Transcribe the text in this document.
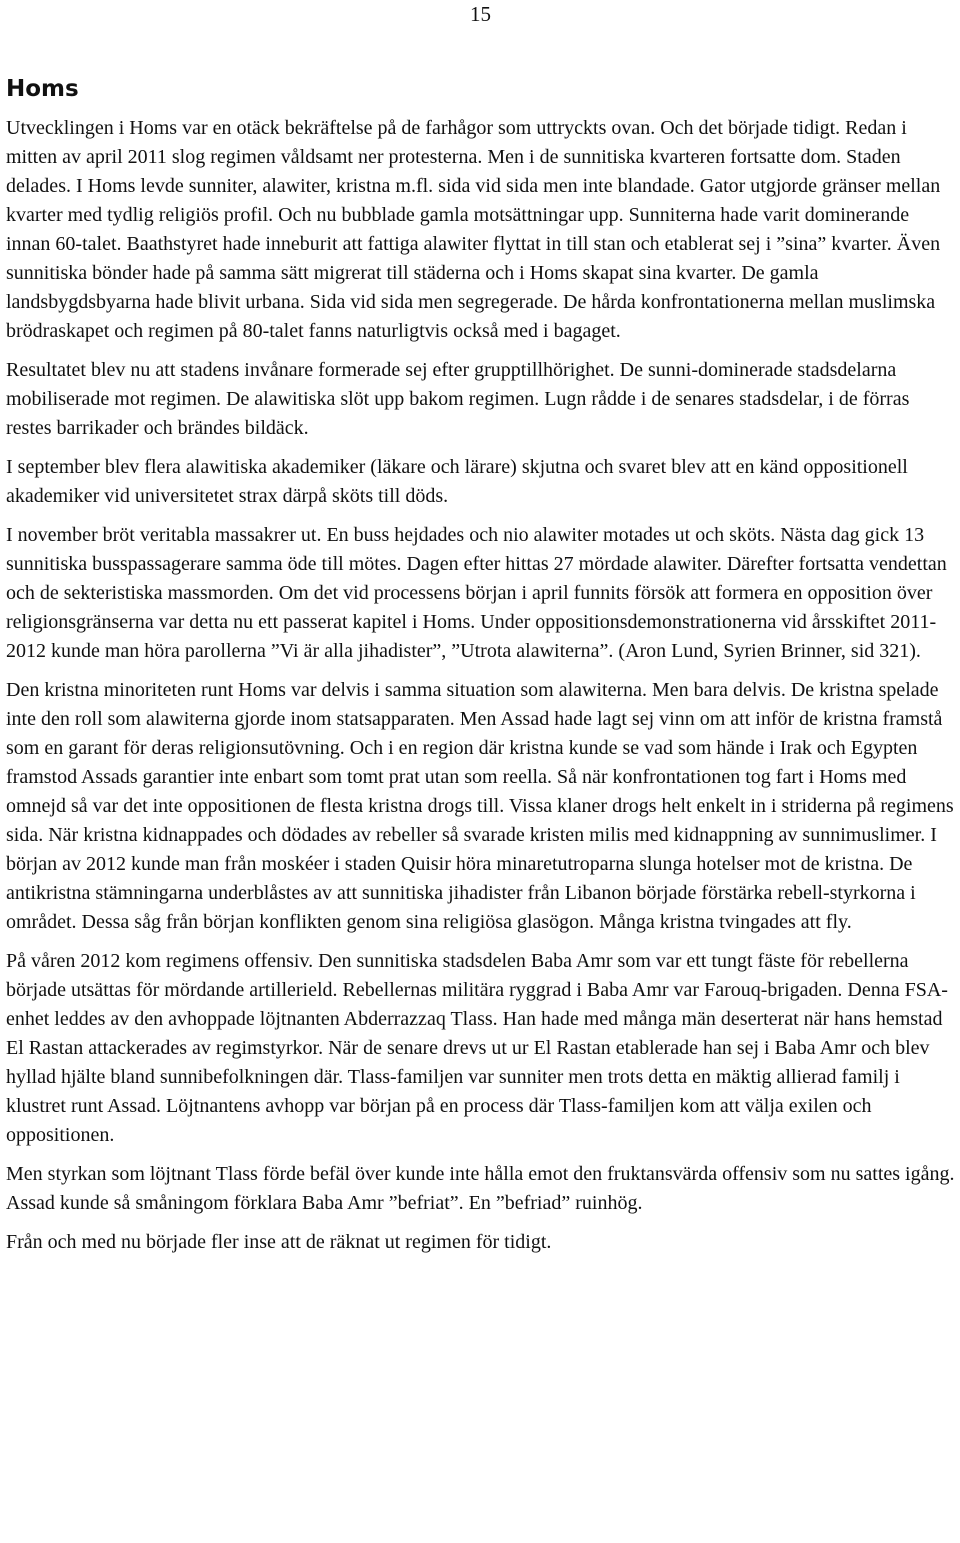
15
Homs

Utvecklingen i Homs var en otäck bekräftelse på de farhågor som uttryckts ovan. Och det började tidigt. Redan i mitten av april 2011 slog regimen våldsamt ner protesterna. Men i de sunnitiska kvarteren fortsatte dom. Staden delades. I Homs levde sunniter, alawiter, kristna m.fl. sida vid sida men inte blandade. Gator utgjorde gränser mellan kvarter med tydlig religiös profil. Och nu bubblade gamla motsättningar upp. Sunniterna hade varit dominerande innan 60-talet. Baathstyret hade inneburit att fattiga alawiter flyttat in till stan och etablerat sej i ”sina” kvarter. Även sunnitiska bönder hade på samma sätt migrerat till städerna och i Homs skapat sina kvarter. De gamla landsbygdsbyarna hade blivit urbana. Sida vid sida men segregerade. De hårda konfrontationerna mellan muslimska brödraskapet och regimen på 80-talet fanns naturligtvis också med i bagaget.

Resultatet blev nu att stadens invånare formerade sej efter grupptillhörighet. De sunni-dominerade stadsdelarna mobiliserade mot regimen. De alawitiska slöt upp bakom regimen. Lugn rådde i de senares stadsdelar, i de förras restes barrikader och brändes bildäck.

I september blev flera alawitiska akademiker (läkare och lärare) skjutna och svaret blev att en känd oppositionell akademiker vid universitetet strax därpå sköts till döds.

I november bröt veritabla massakrer ut. En buss hejdades och nio alawiter motades ut och sköts. Nästa dag gick 13 sunnitiska busspassagerare samma öde till mötes. Dagen efter hittas 27 mördade alawiter. Därefter fortsatta vendettan och de sekteristiska massmorden. Om det vid processens början i april funnits försök att formera en opposition över religionsgränserna var detta nu ett passerat kapitel i Homs. Under oppositionsdemonstrationerna vid årsskiftet 2011-2012 kunde man höra parollerna ”Vi är alla jihadister”, ”Utrota alawiterna”. (Aron Lund, Syrien Brinner, sid 321).

Den kristna minoriteten runt Homs var delvis i samma situation som alawiterna. Men bara delvis. De kristna spelade inte den roll som alawiterna gjorde inom statsapparaten. Men Assad hade lagt sej vinn om att inför de kristna framstå som en garant för deras religionsutövning. Och i en region där kristna kunde se vad som hände i Irak och Egypten framstod Assads garantier inte enbart som tomt prat utan som reella. Så när konfrontationen tog fart i Homs med omnejd så var det inte oppositionen de flesta kristna drogs till. Vissa klaner drogs helt enkelt in i striderna på regimens sida. När kristna kidnappades och dödades av rebeller så svarade kristen milis med kidnappning av sunnimuslimer. I början av 2012 kunde man från moskéer i staden Quisir höra minaretutroparna slunga hotelser mot de kristna. De antikristna stämningarna underblåstes av att sunnitiska jihadister från Libanon började förstärka rebell-styrkorna i området. Dessa såg från början konflikten genom sina religiösa glasögon. Många kristna tvingades att fly.

På våren 2012 kom regimens offensiv. Den sunnitiska stadsdelen Baba Amr som var ett tungt fäste för rebellerna började utsättas för mördande artillerield. Rebellernas militära ryggrad i Baba Amr var Farouq-brigaden. Denna FSA-enhet leddes av den avhoppade löjtnanten Abderrazzaq Tlass. Han hade med många män deserterat när hans hemstad El Rastan attackerades av regimstyrkor. När de senare drevs ut ur El Rastan etablerade han sej i Baba Amr och blev hyllad hjälte bland sunnibefolkningen där. Tlass-familjen var sunniter men trots detta en mäktig allierad familj i klustret runt Assad. Löjtnantens avhopp var början på en process där Tlass-familjen kom att välja exilen och oppositionen.

Men styrkan som löjtnant Tlass förde befäl över kunde inte hålla emot den fruktansvärda offensiv som nu sattes igång. Assad kunde så småningom förklara Baba Amr ”befriat”. En ”befriad” ruinhög.

Från och med nu började fler inse att de räknat ut regimen för tidigt.
